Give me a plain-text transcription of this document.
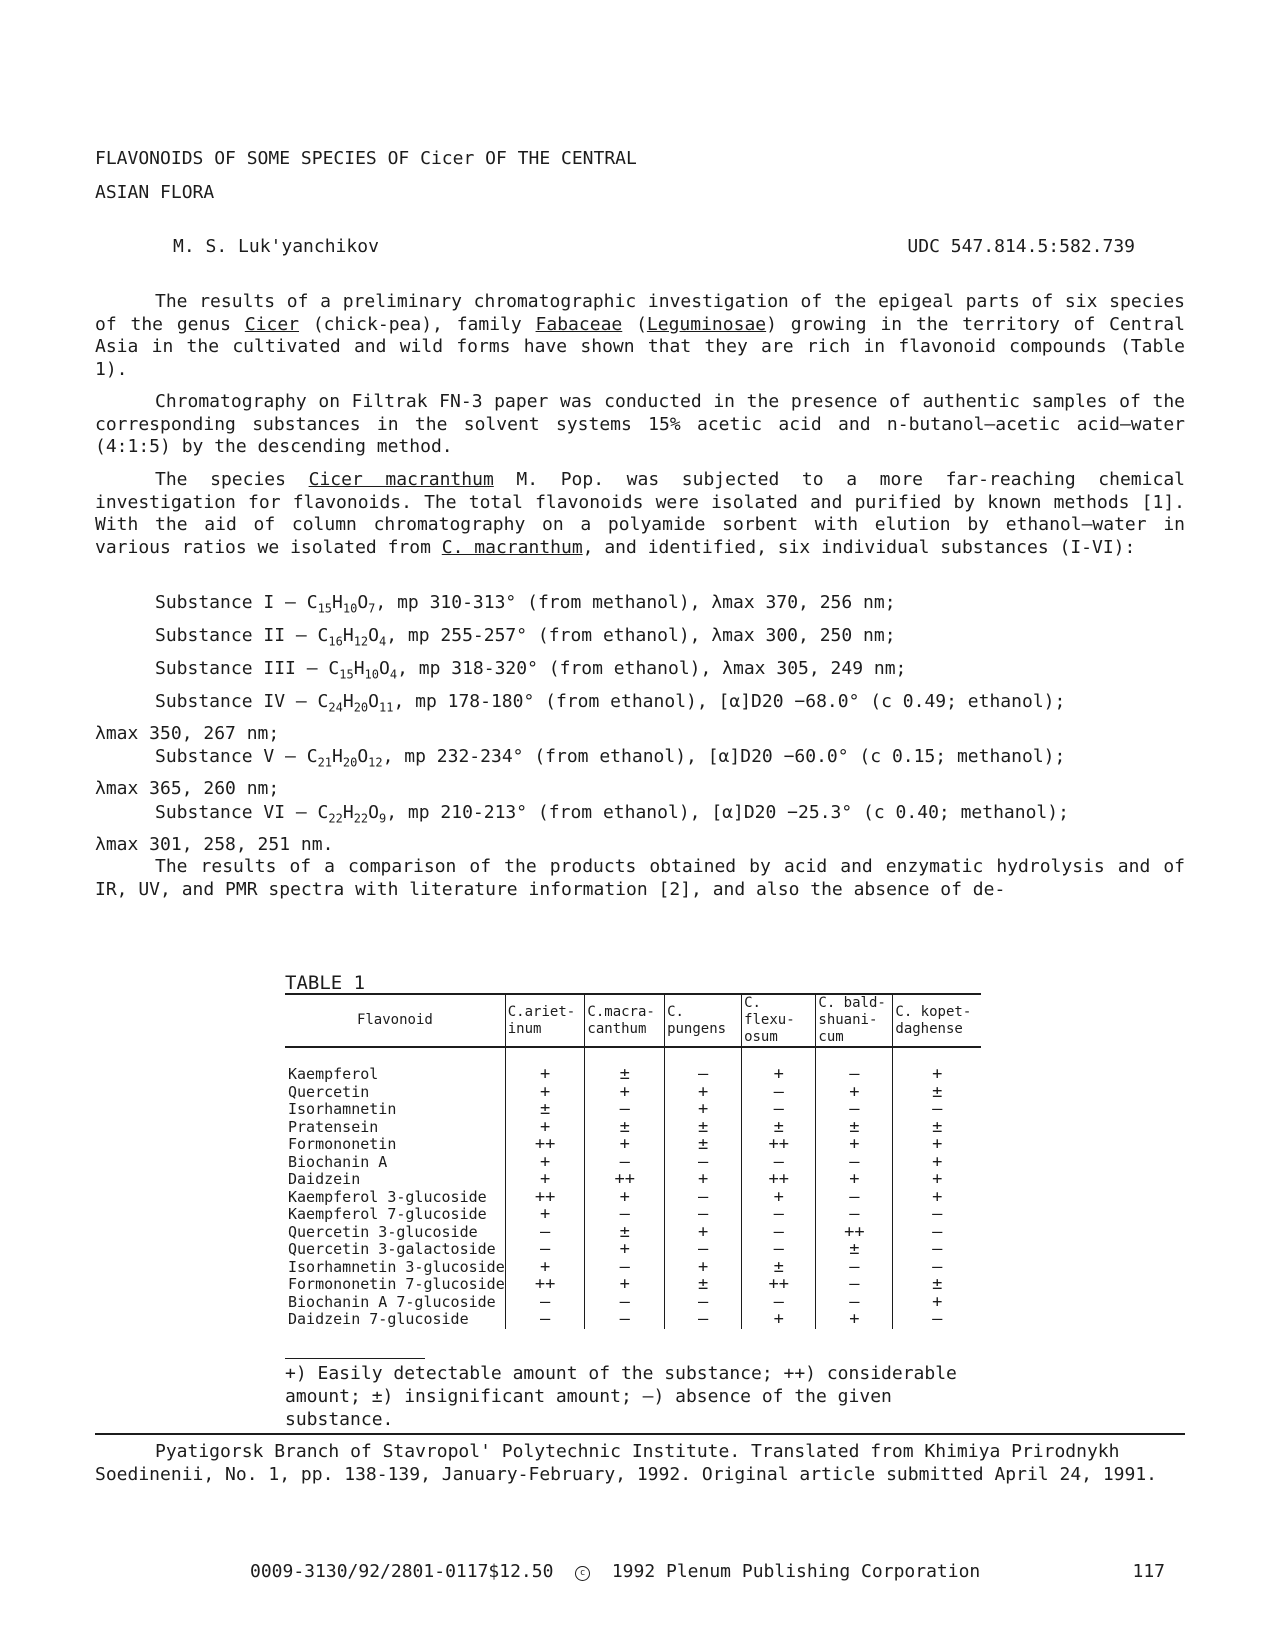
FLAVONOIDS OF SOME SPECIES OF Cicer OF THE CENTRAL
ASIAN FLORA
M. S. Luk'yanchikov	UDC 547.814.5:582.739
The results of a preliminary chromatographic investigation of the epigeal parts of six species of the genus Cicer (chick-pea), family Fabaceae (Leguminosae) growing in the territory of Central Asia in the cultivated and wild forms have shown that they are rich in flavonoid compounds (Table 1).
Chromatography on Filtrak FN-3 paper was conducted in the presence of authentic samples of the corresponding substances in the solvent systems 15% acetic acid and n-butanol—acetic acid—water (4:1:5) by the descending method.
The species Cicer macranthum M. Pop. was subjected to a more far-reaching chemical investigation for flavonoids. The total flavonoids were isolated and purified by known methods [1]. With the aid of column chromatography on a polyamide sorbent with elution by ethanol—water in various ratios we isolated from C. macranthum, and identified, six individual substances (I-VI):
Substance I — $C_{15}H_{10}O_7$, mp 310-313° (from methanol), λmax 370, 256 nm;
Substance II — $C_{16}H_{12}O_4$, mp 255-257° (from ethanol), λmax 300, 250 nm;
Substance III — $C_{15}H_{10}O_4$, mp 318-320° (from ethanol), λmax 305, 249 nm;
Substance IV — $C_{24}H_{20}O_{11}$, mp 178-180° (from ethanol), [α]D20 −68.0° (c 0.49; ethanol);
λmax 350, 267 nm;
Substance V — $C_{21}H_{20}O_{12}$, mp 232-234° (from ethanol), [α]D20 −60.0° (c 0.15; methanol);
λmax 365, 260 nm;
Substance VI — $C_{22}H_{22}O_9$, mp 210-213° (from ethanol), [α]D20 −25.3° (c 0.40; methanol);
λmax 301, 258, 251 nm.
The results of a comparison of the products obtained by acid and enzymatic hydrolysis and of IR, UV, and PMR spectra with literature information [2], and also the absence of de-
TABLE 1
Flavonoid	C.ariet-inum	C.macra-canthum	C. pungens	C. flexu-osum	C. bald-shuani-cum	C. kopet-daghense

Kaempferol	+	±	—	+	—	+
Quercetin	+	+	+	—	+	±
Isorhamnetin	±	—	+	—	—	—
Pratensein	+	±	±	±	±	±
Formononetin	++	+	±	++	+	+
Biochanin A	+	—	—	—	—	+
Daidzein	+	++	+	++	+	+
Kaempferol 3-glucoside	++	+	—	+	—	+
Kaempferol 7-glucoside	+	—	—	—	—	—
Quercetin 3-glucoside	—	±	+	—	++	—
Quercetin 3-galactoside	—	+	—	—	±	—
Isorhamnetin 3-glucoside	+	—	+	±	—	—
Formononetin 7-glucoside	++	+	±	++	—	±
Biochanin A 7-glucoside	—	—	—	—	—	+
Daidzein 7-glucoside	—	—	—	+	+	—
+) Easily detectable amount of the substance; ++) considerable amount; ±) insignificant amount; —) absence of the given substance.
Pyatigorsk Branch of Stavropol' Polytechnic Institute. Translated from Khimiya Prirodnykh Soedinenii, No. 1, pp. 138-139, January-February, 1992. Original article submitted April 24, 1991.
0009-3130/92/2801-0117$12.50	c 1992 Plenum Publishing Corporation	117
